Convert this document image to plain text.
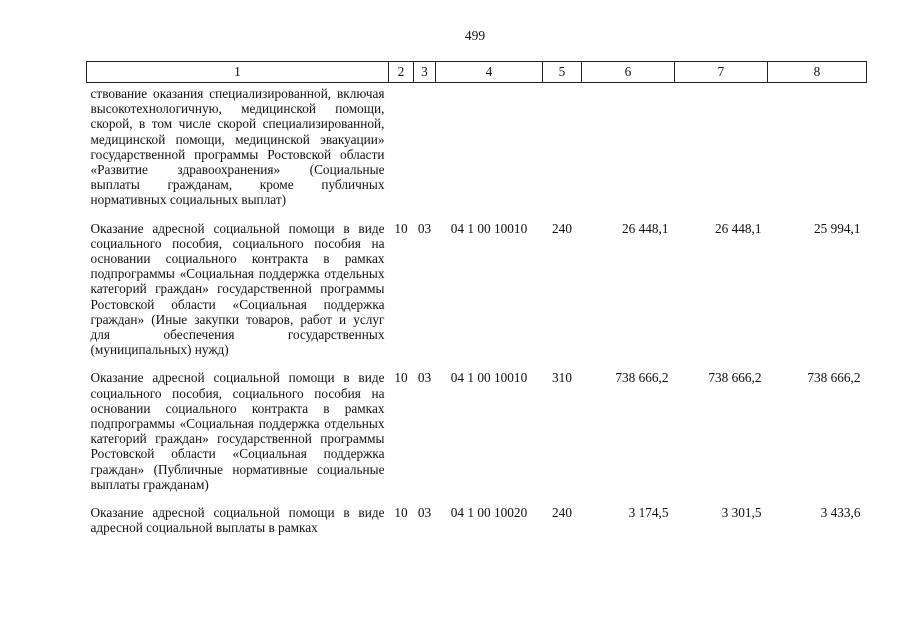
499
1	2	3	4	5	6	7	8

ствование оказания специализированной, включая высокотехнологичную, медицинской помощи, скорой, в том числе скорой специализированной, медицинской помощи, медицинской эвакуации» государственной программы Ростовской области «Развитие здравоохранения» (Социальные выплаты гражданам, кроме публичных нормативных социальных выплат)							

Оказание адресной социальной помощи в виде социального пособия, социального пособия на основании социального контракта в рамках подпрограммы «Социальная поддержка отдельных категорий граждан» государственной программы Ростовской области «Социальная поддержка граждан» (Иные закупки товаров, работ и услуг для обеспечения государственных (муниципальных) нужд)	10	03	04 1 00 10010	240	26 448,1	26 448,1	25 994,1

Оказание адресной социальной помощи в виде социального пособия, социального пособия на основании социального контракта в рамках подпрограммы «Социальная поддержка отдельных категорий граждан» государственной программы Ростовской области «Социальная поддержка граждан» (Публичные нормативные социальные выплаты гражданам)	10	03	04 1 00 10010	310	738 666,2	738 666,2	738 666,2

Оказание адресной социальной помощи в виде адресной социальной выплаты в рамках	10	03	04 1 00 10020	240	3 174,5	3 301,5	3 433,6
